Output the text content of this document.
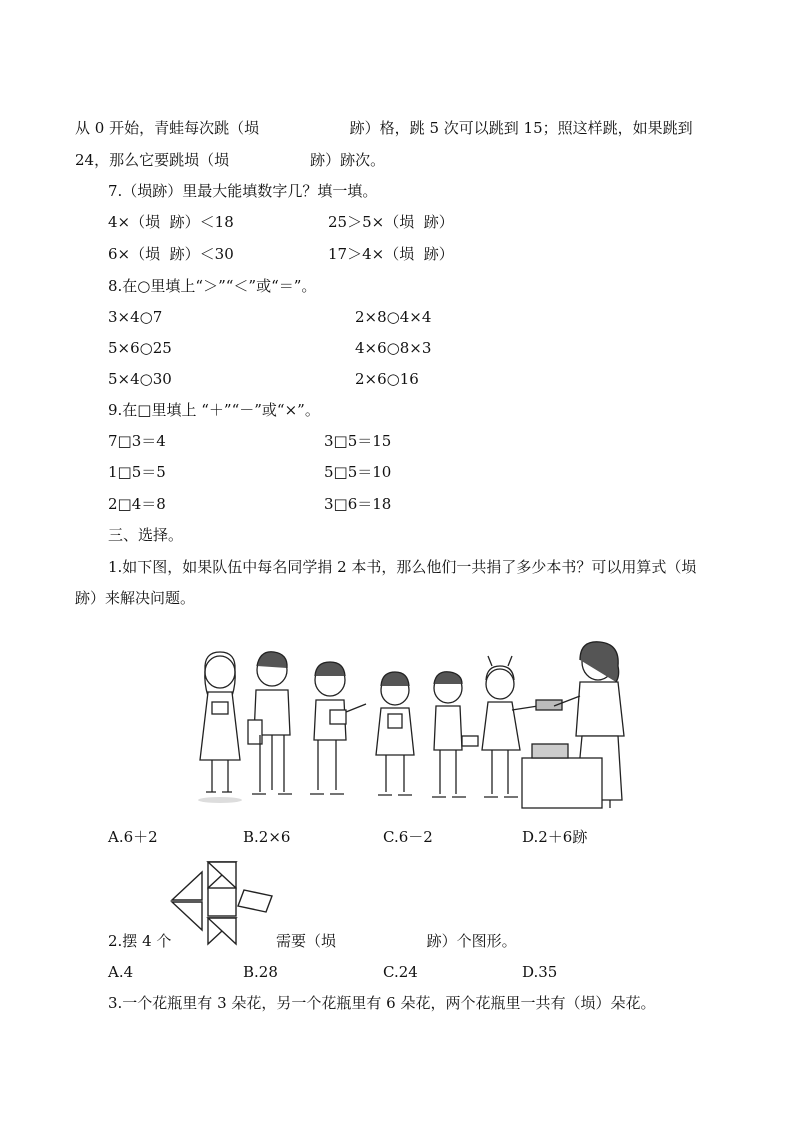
从 0 开始，青蛙每次跳（埙                   跡）格，跳 5 次可以跳到 15；照这样跳，如果跳到
24，那么它要跳埙（埙                 跡）跡次。
7.（埙跡）里最大能填数字几？填一填。
4×（埙  跡）＜18	25＞5×（埙  跡）
6×（埙  跡）＜30	17＞4×（埙  跡）
8.在○里填上“＞”“＜”或“＝”。
3×4○7	2×8○4×4
5×6○25	4×6○8×3
5×4○30	2×6○16
9.在□里填上 “＋”“－”或“×”。
7□3＝4	3□5＝15
1□5＝5	5□5＝10
2□4＝8	3□6＝18
三、选择。
1.如下图，如果队伍中每名同学捐 2 本书，那么他们一共捐了多少本书？可以用算式（埙
跡）来解决问题。
A.6＋2	B.2×6	C.6－2	D.2＋6跡
2.摆 4 个	需要（埙                   跡）个图形。
A.4	B.28	C.24	D.35
3.一个花瓶里有 3 朵花，另一个花瓶里有 6 朵花，两个花瓶里一共有（埙）朵花。
